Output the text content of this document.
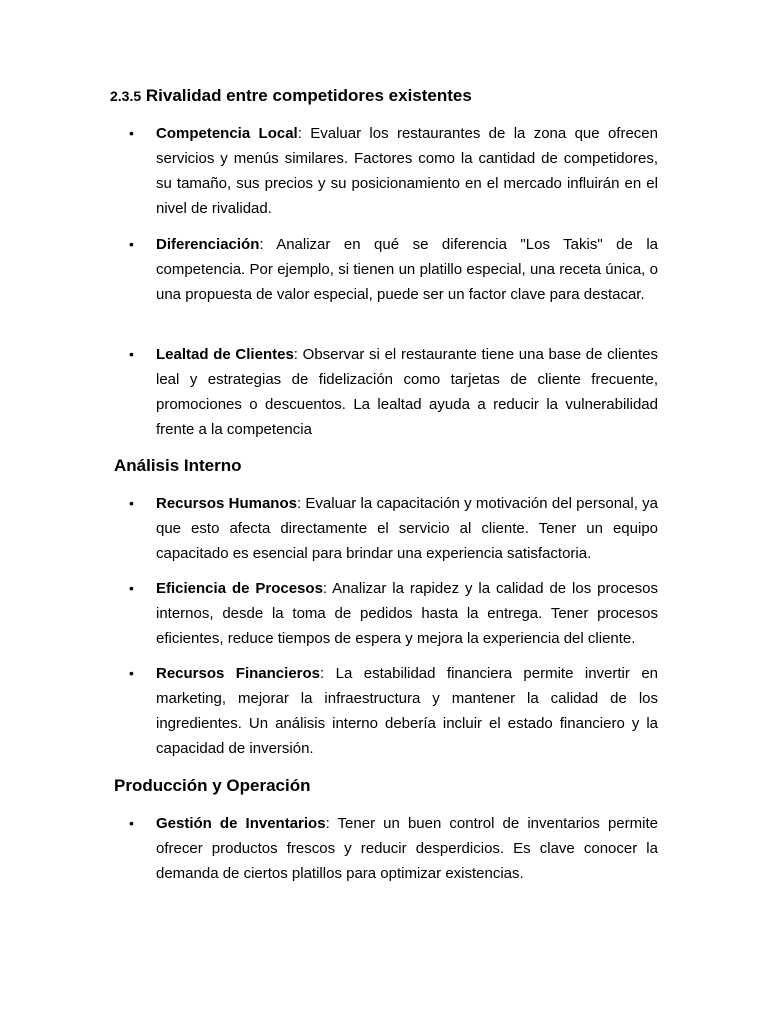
2.3.5 Rivalidad entre competidores existentes
• Competencia Local: Evaluar los restaurantes de la zona que ofrecen servicios y menús similares. Factores como la cantidad de competidores, su tamaño, sus precios y su posicionamiento en el mercado influirán en el nivel de rivalidad.
• Diferenciación: Analizar en qué se diferencia "Los Takis" de la competencia. Por ejemplo, si tienen un platillo especial, una receta única, o una propuesta de valor especial, puede ser un factor clave para destacar.
• Lealtad de Clientes: Observar si el restaurante tiene una base de clientes leal y estrategias de fidelización como tarjetas de cliente frecuente, promociones o descuentos. La lealtad ayuda a reducir la vulnerabilidad frente a la competencia
Análisis Interno
• Recursos Humanos: Evaluar la capacitación y motivación del personal, ya que esto afecta directamente el servicio al cliente. Tener un equipo capacitado es esencial para brindar una experiencia satisfactoria.
• Eficiencia de Procesos: Analizar la rapidez y la calidad de los procesos internos, desde la toma de pedidos hasta la entrega. Tener procesos eficientes, reduce tiempos de espera y mejora la experiencia del cliente.
• Recursos Financieros: La estabilidad financiera permite invertir en marketing, mejorar la infraestructura y mantener la calidad de los ingredientes. Un análisis interno debería incluir el estado financiero y la capacidad de inversión.
Producción y Operación
• Gestión de Inventarios: Tener un buen control de inventarios permite ofrecer productos frescos y reducir desperdicios. Es clave conocer la demanda de ciertos platillos para optimizar existencias.
